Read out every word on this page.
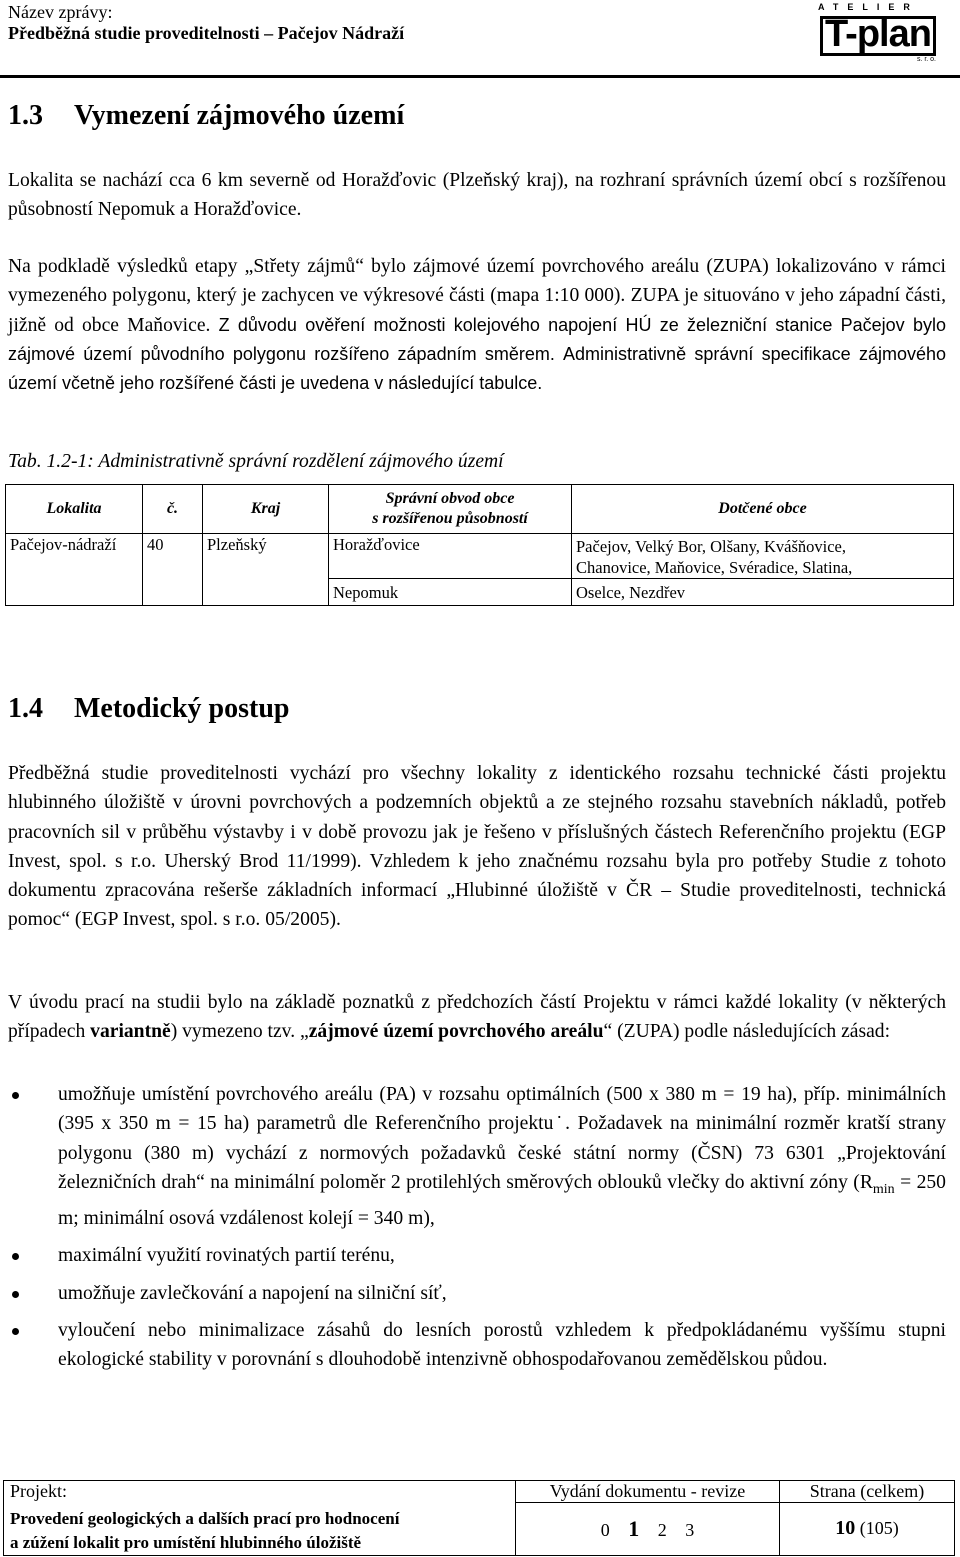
Název zprávy:
Předběžná studie proveditelnosti – Pačejov Nádraží
ATELIER
T-plan
s. r. o.
1.3 Vymezení zájmového území

Lokalita se nachází cca 6 km severně od Horažďovic (Plzeňský kraj), na rozhraní správních území obcí s rozšířenou působností Nepomuk a Horažďovice.

Na podkladě výsledků etapy „Střety zájmů“ bylo zájmové území povrchového areálu (ZUPA) lokalizováno v rámci vymezeného polygonu, který je zachycen ve výkresové části (mapa 1:10 000). ZUPA je situováno v jeho západní části, jižně od obce Maňovice. Z důvodu ověření možnosti kolejového napojení HÚ ze železniční stanice Pačejov bylo zájmové území původního polygonu rozšířeno západním směrem. Administrativně správní specifikace zájmového území včetně jeho rozšířené části je uvedena v následující tabulce.

Tab. 1.2-1: Administrativně správní rozdělení zájmového území
Lokalita	č.	Kraj	Správní obvod obce
s rozšířenou působností	Dotčené obce
Pačejov-nádraží	40	Plzeňský	Horažďovice	Pačejov, Velký Bor, Olšany, Kvášňovice,
Chanovice, Maňovice, Svéradice, Slatina,
			Nepomuk	Oselce, Nezdřev
1.4 Metodický postup

Předběžná studie proveditelnosti vychází pro všechny lokality z identického rozsahu technické části projektu hlubinného úložiště v úrovni povrchových a podzemních objektů a ze stejného rozsahu stavebních nákladů, potřeb pracovních sil v průběhu výstavby i v době provozu jak je řešeno v příslušných částech Referenčního projektu (EGP Invest, spol. s r.o. Uherský Brod 11/1999). Vzhledem k jeho značnému rozsahu byla pro potřeby Studie z tohoto dokumentu zpracována rešerše základních informací „Hlubinné úložiště v ČR – Studie proveditelnosti, technická pomoc“ (EGP Invest, spol. s r.o. 05/2005).

V úvodu prací na studii bylo na základě poznatků z předchozích částí Projektu v rámci každé lokality (v některých případech variantně) vymezeno tzv. „zájmové území povrchového areálu“ (ZUPA) podle následujících zásad:

umožňuje umístění povrchového areálu (PA) v rozsahu optimálních (500 x 380 m = 19 ha), příp. minimálních (395 x 350 m = 15 ha) parametrů dle Referenčního projektu˙. Požadavek na minimální rozměr kratší strany polygonu (380 m) vychází z normových požadavků české státní normy (ČSN) 73 6301 „Projektování železničních drah“ na minimální poloměr 2 protilehlých směrových oblouků vlečky do aktivní zóny ($R_{min} = 250$ m; minimální osová vzdálenost kolejí = 340 m),
maximální využití rovinatých partií terénu,
umožňuje zavlečkování a napojení na silniční síť,
vyloučení nebo minimalizace zásahů do lesních porostů vzhledem k předpokládanému vyššímu stupni ekologické stability v porovnání s dlouhodobě intenzivně obhospodařovanou zemědělskou půdou.
Projekt:	Vydání dokumentu - revize	Strana (celkem)
Provedení geologických a dalších prací pro hodnocení
a zúžení lokalit pro umístění hlubinného úložiště	0 1 2 3	10 (105)
